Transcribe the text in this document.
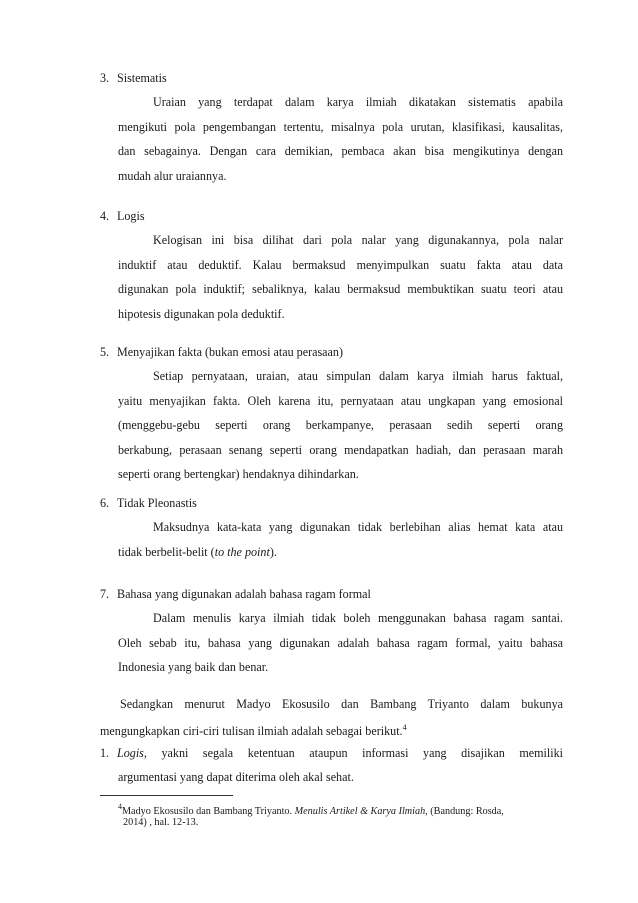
3. Sistematis
Uraian yang terdapat dalam karya ilmiah dikatakan sistematis apabila
mengikuti pola pengembangan tertentu, misalnya pola urutan, klasifikasi, kausalitas,
dan sebagainya. Dengan cara demikian, pembaca akan bisa mengikutinya dengan
mudah alur uraiannya.
4. Logis
Kelogisan ini bisa dilihat dari pola nalar yang digunakannya, pola nalar
induktif atau deduktif. Kalau bermaksud menyimpulkan suatu fakta atau data
digunakan pola induktif; sebaliknya, kalau bermaksud membuktikan suatu teori atau
hipotesis digunakan pola deduktif.
5. Menyajikan fakta (bukan emosi atau perasaan)
Setiap pernyataan, uraian, atau simpulan dalam karya ilmiah harus faktual,
yaitu menyajikan fakta. Oleh karena itu, pernyataan atau ungkapan yang emosional
(menggebu-gebu seperti orang berkampanye, perasaan sedih seperti orang
berkabung, perasaan senang seperti orang mendapatkan hadiah, dan perasaan marah
seperti orang bertengkar) hendaknya dihindarkan.
6. Tidak Pleonastis
Maksudnya kata-kata yang digunakan tidak berlebihan alias hemat kata atau
tidak berbelit-belit (to the point).
7. Bahasa yang digunakan adalah bahasa ragam formal
Dalam menulis karya ilmiah tidak boleh menggunakan bahasa ragam santai.
Oleh sebab itu, bahasa yang digunakan adalah bahasa ragam formal, yaitu bahasa
Indonesia yang baik dan benar.
Sedangkan menurut Madyo Ekosusilo dan Bambang Triyanto dalam bukunya
mengungkapkan ciri-ciri tulisan ilmiah adalah sebagai berikut.$^4$
1. Logis, yakni segala ketentuan ataupun informasi yang disajikan memiliki
argumentasi yang dapat diterima oleh akal sehat.
$^4$Madyo Ekosusilo dan Bambang Triyanto. Menulis Artikel & Karya Ilmiah, (Bandung: Rosda,
2014) , hal. 12-13.
